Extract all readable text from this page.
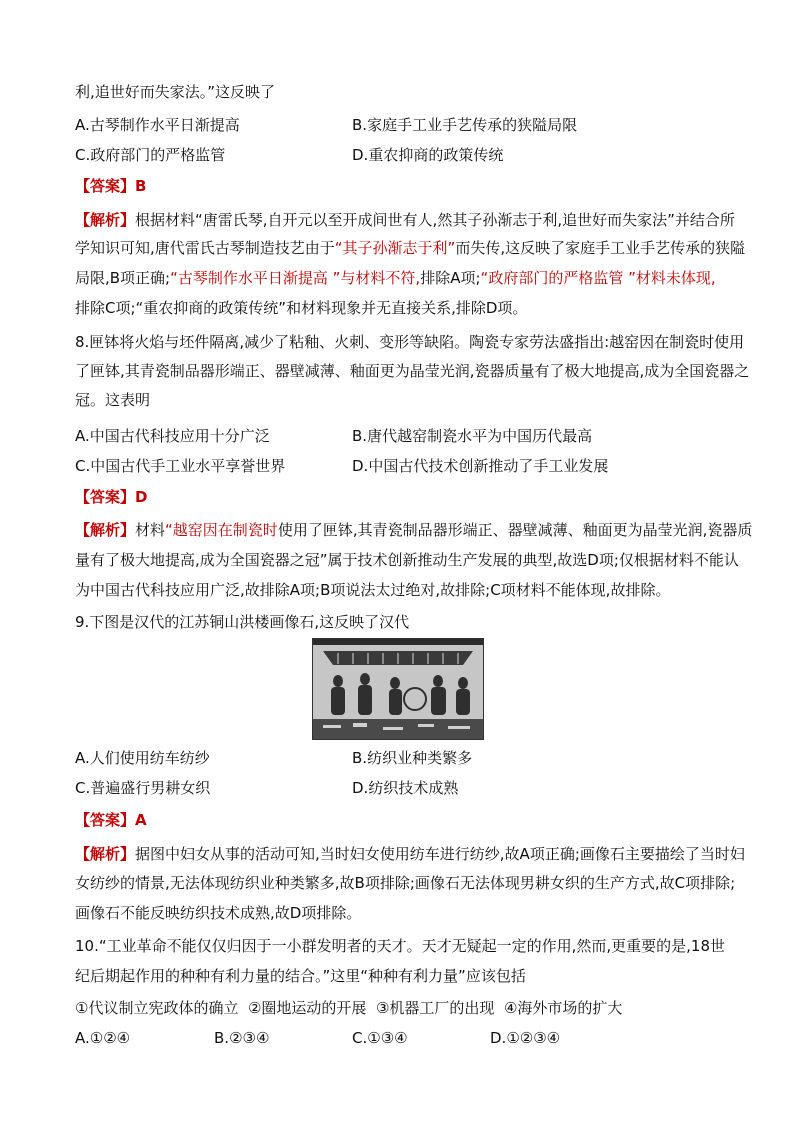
利,追世好而失家法。”这反映了
A.古琴制作水平日渐提高	B.家庭手工业手艺传承的狭隘局限
C.政府部门的严格监管	D.重农抑商的政策传统
【答案】B
【解析】根据材料“唐雷氏琴,自开元以至开成间世有人,然其子孙渐志于利,追世好而失家法”并结合所
学知识可知,唐代雷氏古琴制造技艺由于“其子孙渐志于利”而失传,这反映了家庭手工业手艺传承的狭隘
局限,B项正确;“古琴制作水平日渐提高 ”与材料不符,排除A项;“政府部门的严格监管 ”材料未体现,
排除C项;“重农抑商的政策传统”和材料现象并无直接关系,排除D项。
8.匣钵将火焰与坯件隔离,减少了粘釉、火刺、变形等缺陷。陶瓷专家劳法盛指出:越窑因在制瓷时使用
了匣钵,其青瓷制品器形端正、器壁减薄、釉面更为晶莹光润,瓷器质量有了极大地提高,成为全国瓷器之
冠。这表明
A.中国古代科技应用十分广泛	B.唐代越窑制瓷水平为中国历代最高
C.中国古代手工业水平享誉世界	D.中国古代技术创新推动了手工业发展
【答案】D
【解析】材料“越窑因在制瓷时使用了匣钵,其青瓷制品器形端正、器壁减薄、釉面更为晶莹光润,瓷器质
量有了极大地提高,成为全国瓷器之冠”属于技术创新推动生产发展的典型,故选D项;仅根据材料不能认
为中国古代科技应用广泛,故排除A项;B项说法太过绝对,故排除;C项材料不能体现,故排除。
9.下图是汉代的江苏铜山洪楼画像石,这反映了汉代
A.人们使用纺车纺纱	B.纺织业种类繁多
C.普遍盛行男耕女织	D.纺织技术成熟
【答案】A
【解析】据图中妇女从事的活动可知,当时妇女使用纺车进行纺纱,故A项正确;画像石主要描绘了当时妇
女纺纱的情景,无法体现纺织业种类繁多,故B项排除;画像石无法体现男耕女织的生产方式,故C项排除;
画像石不能反映纺织技术成熟,故D项排除。
10.“工业革命不能仅仅归因于一小群发明者的天才。天才无疑起一定的作用,然而,更重要的是,18世
纪后期起作用的种种有利力量的结合。”这里“种种有利力量”应该包括
①代议制立宪政体的确立  ②圈地运动的开展  ③机器工厂的出现  ④海外市场的扩大
A.①②④	B.②③④	C.①③④	D.①②③④
